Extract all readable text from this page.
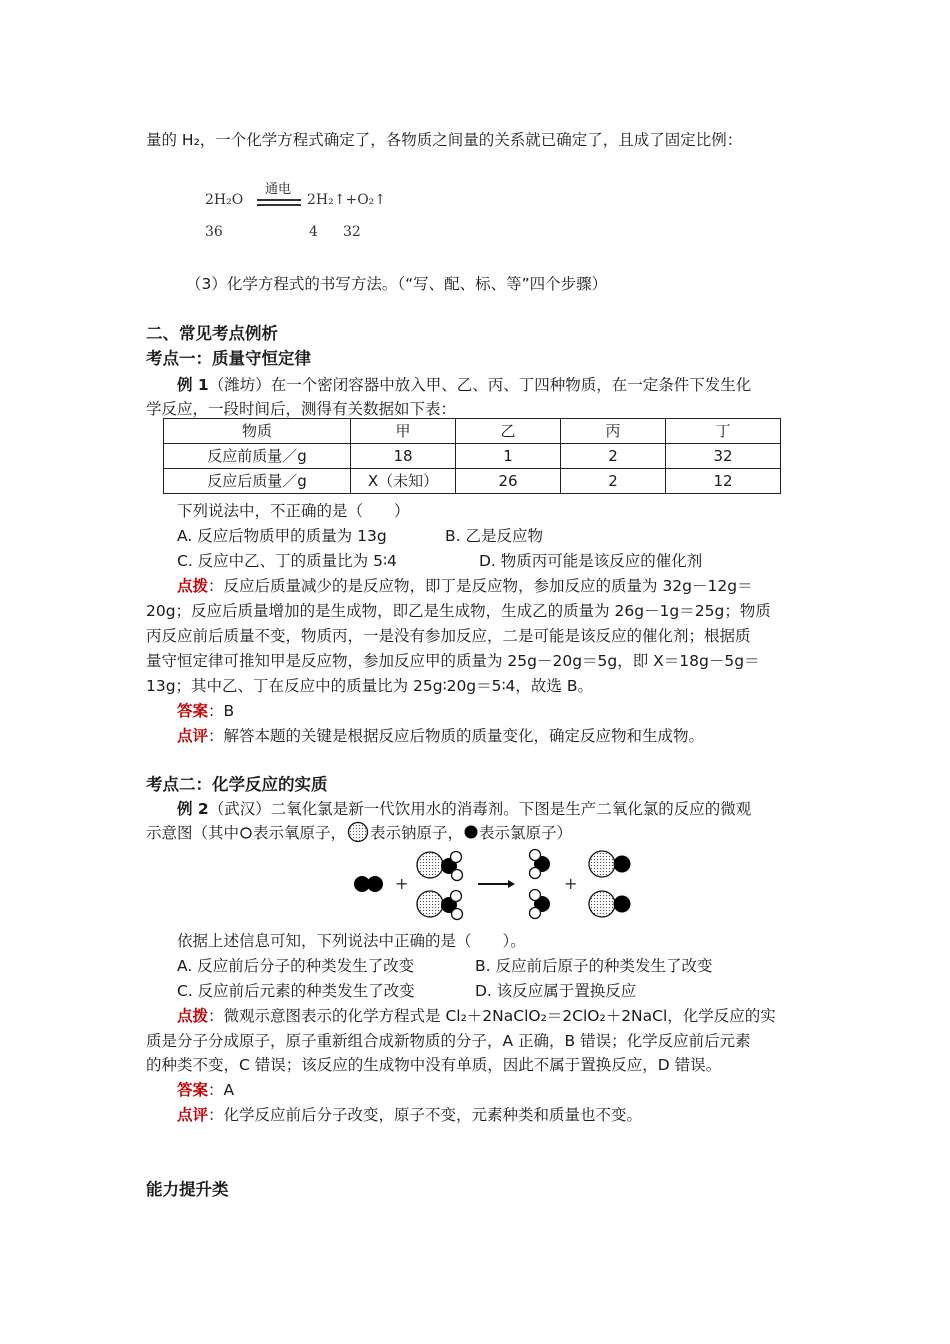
量的 H₂，一个化学方程式确定了，各物质之间量的关系就已确定了，且成了固定比例：
2H₂O
通电
2H₂↑+O₂↑
36	4 32
（3）化学方程式的书写方法。（“写、配、标、等”四个步骤）
二、常见考点例析
考点一：质量守恒定律
例 1（潍坊）在一个密闭容器中放入甲、乙、丙、丁四种物质，在一定条件下发生化
学反应，一段时间后，测得有关数据如下表：
物质	甲	乙	丙	丁
反应前质量／g	18	1	2	32
反应后质量／g	X（未知）	26	2	12
下列说法中，不正确的是（　　）
A. 反应后物质甲的质量为 13g	B. 乙是反应物
C. 反应中乙、丁的质量比为 5∶4	D. 物质丙可能是该反应的催化剂
点拨：反应后质量减少的是反应物，即丁是反应物，参加反应的质量为 32g－12g＝
20g；反应后质量增加的是生成物，即乙是生成物，生成乙的质量为 26g－1g＝25g；物质
丙反应前后质量不变，物质丙，一是没有参加反应，二是可能是该反应的催化剂；根据质
量守恒定律可推知甲是反应物，参加反应甲的质量为 25g－20g＝5g，即 X＝18g－5g＝
13g；其中乙、丁在反应中的质量比为 25g∶20g＝5∶4，故选 B。
答案：B
点评：解答本题的关键是根据反应后物质的质量变化，确定反应物和生成物。
考点二：化学反应的实质
例 2（武汉）二氧化氯是新一代饮用水的消毒剂。下图是生产二氧化氯的反应的微观
示意图（其中 表示氧原子， 表示钠原子， 表示氯原子）
+	+
依据上述信息可知，下列说法中正确的是（　　）。
A. 反应前后分子的种类发生了改变	B. 反应前后原子的种类发生了改变
C. 反应前后元素的种类发生了改变	D. 该反应属于置换反应
点拨：微观示意图表示的化学方程式是 Cl₂＋2NaClO₂＝2ClO₂＋2NaCl，化学反应的实
质是分子分成原子，原子重新组合成新物质的分子，A 正确，B 错误；化学反应前后元素
的种类不变，C 错误；该反应的生成物中没有单质，因此不属于置换反应，D 错误。
答案：A
点评：化学反应前后分子改变，原子不变，元素种类和质量也不变。
能力提升类
